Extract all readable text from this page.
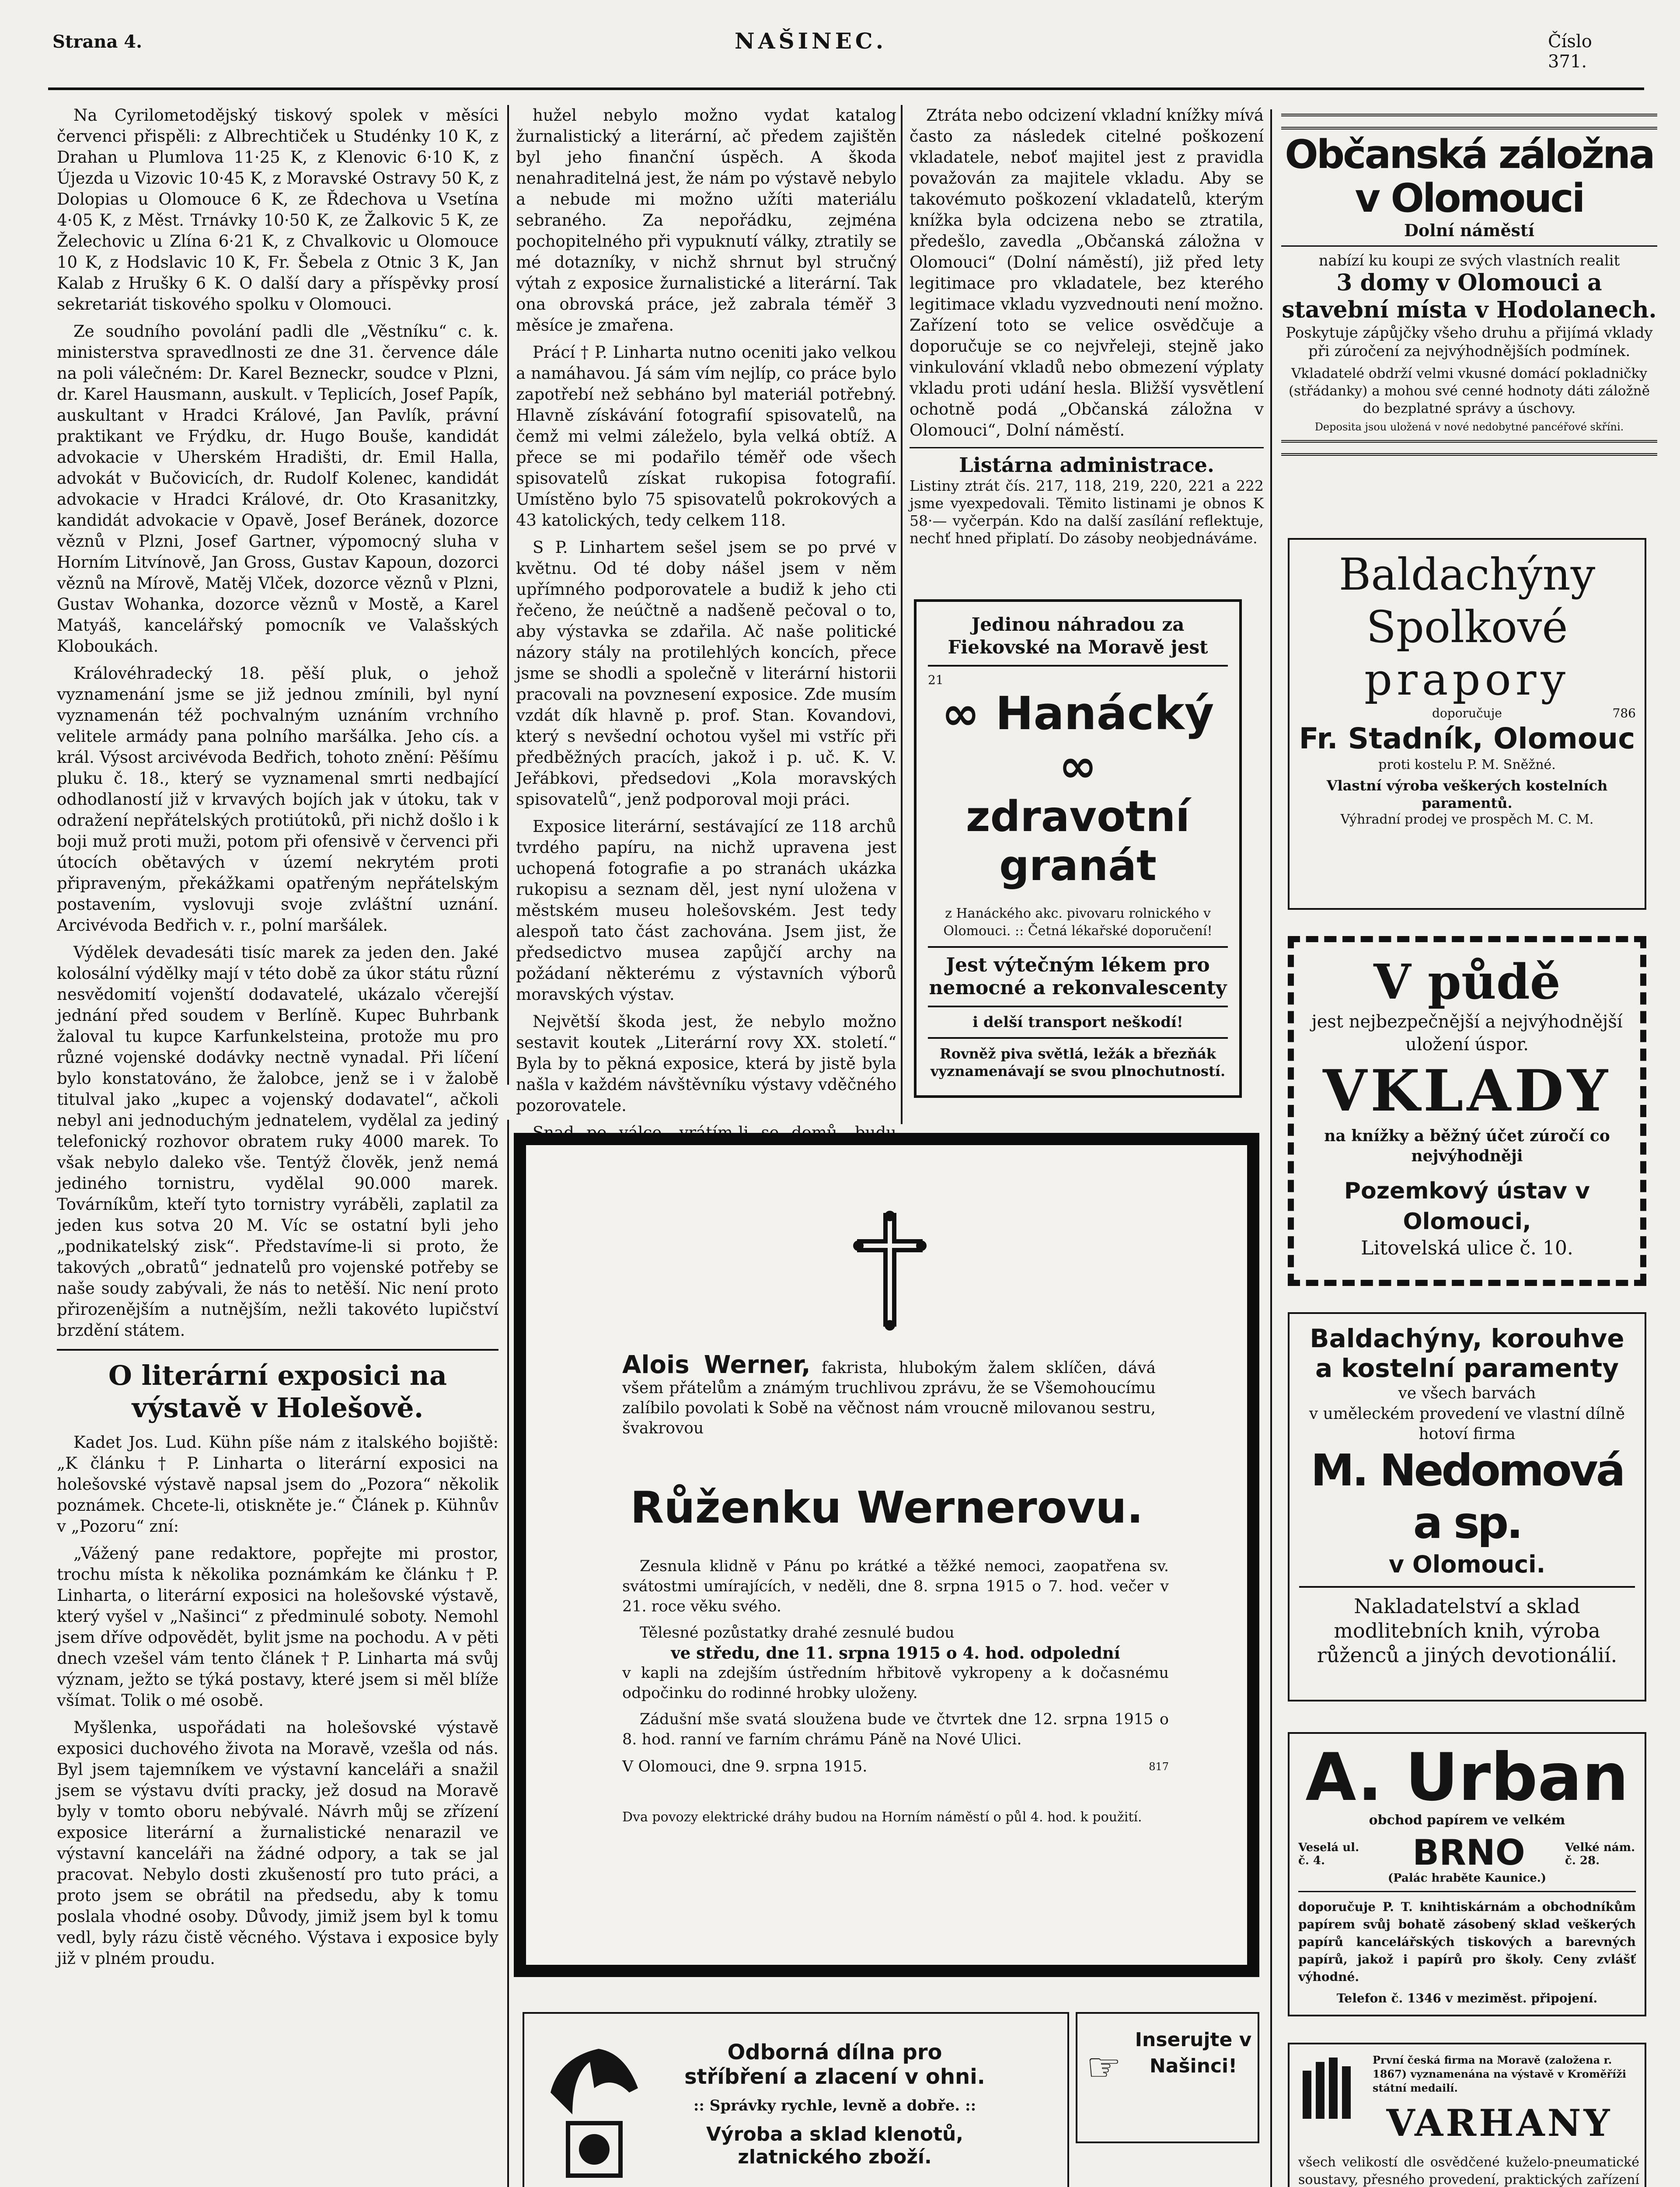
Strana 4.	NAŠINEC.	Číslo 371.

Na Cyrilometodějský tiskový spolek v měsíci červenci přispěli: z Albrechtiček u Studénky 10 K, z Drahan u Plumlova 11·25 K, z Klenovic 6·10 K, z Újezda u Vizovic 10·45 K, z Moravské Ostravy 50 K, z Dolopias u Olomouce 6 K, ze Řdechova u Vsetína 4·05 K, z Měst. Trnávky 10·50 K, ze Žalkovic 5 K, ze Želechovic u Zlína 6·21 K, z Chvalkovic u Olomouce 10 K, z Hodslavic 10 K, Fr. Šebela z Otnic 3 K, Jan Kalab z Hrušky 6 K. O další dary a příspěvky prosí sekretariát tiskového spolku v Olomouci.

Ze soudního povolání padli dle „Věstníku“ c. k. ministerstva spravedlnosti ze dne 31. července dále na poli válečném: Dr. Karel Bezneckr, soudce v Plzni, dr. Karel Hausmann, auskult. v Teplicích, Josef Papík, auskultant v Hradci Králové, Jan Pavlík, právní praktikant ve Frýdku, dr. Hugo Bouše, kandidát advokacie v Uherském Hradišti, dr. Emil Halla, advokát v Bučovicích, dr. Rudolf Kolenec, kandidát advokacie v Hradci Králové, dr. Oto Krasanitzky, kandidát advokacie v Opavě, Josef Beránek, dozorce věznů v Plzni, Josef Gartner, výpomocný sluha v Horním Litvínově, Jan Gross, Gustav Kapoun, dozorci věznů na Mírově, Matěj Vlček, dozorce věznů v Plzni, Gustav Wohanka, dozorce věznů v Mostě, a Karel Matyáš, kancelářský pomocník ve Valašských Kloboukách.

Královéhradecký 18. pěší pluk, o jehož vyznamenání jsme se již jednou zmínili, byl nyní vyznamenán též pochvalným uznáním vrchního velitele armády pana polního maršálka. Jeho cís. a král. Výsost arcivévoda Bedřich, tohoto znění: Pěšímu pluku č. 18., který se vyznamenal smrti nedbající odhodlaností již v krvavých bojích jak v útoku, tak v odražení nepřátelských protiútoků, při nichž došlo i k boji muž proti muži, potom při ofensivě v červenci při útocích obětavých v území nekrytém proti připraveným, překážkami opatřeným nepřátelským postavením, vyslovuji svoje zvláštní uznání. Arcivévoda Bedřich v. r., polní maršálek.

Výdělek devadesáti tisíc marek za jeden den. Jaké kolosální výdělky mají v této době za úkor státu různí nesvědomití vojenští dodavatelé, ukázalo včerejší jednání před soudem v Berlíně. Kupec Buhrbank žaloval tu kupce Karfunkelsteina, protože mu pro různé vojenské dodávky nectně vynadal. Při líčení bylo konstatováno, že žalobce, jenž se i v žalobě titulval jako „kupec a vojenský dodavatel“, ačkoli nebyl ani jednoduchým jednatelem, vydělal za jediný telefonický rozhovor obratem ruky 4000 marek. To však nebylo daleko vše. Tentýž člověk, jenž nemá jediného tornistru, vydělal 90.000 marek. Továrníkům, kteří tyto tornistry vyráběli, zaplatil za jeden kus sotva 20 M. Víc se ostatní byli jeho „podnikatelský zisk“. Představíme-li si proto, že takových „obratů“ jednatelů pro vojenské potřeby se naše soudy zabývali, že nás to netěší. Nic není proto přirozenějším a nutnějším, nežli takovéto lupičství brzdění státem.

O literární exposici na výstavě v Holešově.

Kadet Jos. Lud. Kühn píše nám z italského bojiště: „K článku † P. Linharta o literární exposici na holešovské výstavě napsal jsem do „Pozora“ několik poznámek. Chcete-li, otiskněte je.“ Článek p. Kühnův v „Pozoru“ zní:

„Vážený pane redaktore, popřejte mi prostor, trochu místa k několika poznámkám ke článku † P. Linharta, o literární exposici na holešovské výstavě, který vyšel v „Našinci“ z předminulé soboty. Nemohl jsem dříve odpovědět, bylit jsme na pochodu. A v pěti dnech vzešel vám tento článek † P. Linharta má svůj význam, ježto se týká postavy, které jsem si měl blíže všímat. Tolik o mé osobě.

Myšlenka, uspořádati na holešovské výstavě exposici duchového života na Moravě, vzešla od nás. Byl jsem tajemníkem ve výstavní kanceláři a snažil jsem se výstavu dvíti pracky, jež dosud na Moravě byly v tomto oboru nebývalé. Návrh můj se zřízení exposice literární a žurnalistické nenarazil ve výstavní kanceláři na žádné odpory, a tak se jal pracovat. Nebylo dosti zkušeností pro tuto práci, a proto jsem se obrátil na předsedu, aby k tomu poslala vhodné osoby. Důvody, jimiž jsem byl k tomu vedl, byly rázu čistě věcného. Výstava i exposice byly již v plném proudu.

hužel nebylo možno vydat katalog žurnalistický a literární, ač předem zajištěn byl jeho finanční úspěch. A škoda nenahraditelná jest, že nám po výstavě nebylo a nebude mi možno užíti materiálu sebraného. Za nepořádku, zejména pochopitelného při vypuknutí války, ztratily se mé dotazníky, v nichž shrnut byl stručný výtah z exposice žurnalistické a literární. Tak ona obrovská práce, jež zabrala téměř 3 měsíce je zmařena.

Prácí † P. Linharta nutno oceniti jako velkou a namáhavou. Já sám vím nejlíp, co práce bylo zapotřebí než sebháno byl materiál potřebný. Hlavně získávání fotografií spisovatelů, na čemž mi velmi záleželo, byla velká obtíž. A přece se mi podařilo téměř ode všech spisovatelů získat rukopisa fotografií. Umístěno bylo 75 spisovatelů pokrokových a 43 katolických, tedy celkem 118.

S P. Linhartem sešel jsem se po prvé v květnu. Od té doby nášel jsem v něm upřímného podporovatele a budiž k jeho cti řečeno, že neúčtně a nadšeně pečoval o to, aby výstavka se zdařila. Ač naše politické názory stály na protilehlých koncích, přece jsme se shodli a společně v literární historii pracovali na povznesení exposice. Zde musím vzdát dík hlavně p. prof. Stan. Kovandovi, který s nevšední ochotou vyšel mi vstříc při předběžných pracích, jakož i p. uč. K. V. Jeřábkovi, předsedovi „Kola moravských spisovatelů“, jenž podporoval moji práci.

Exposice literární, sestávající ze 118 archů tvrdého papíru, na nichž upravena jest uchopená fotografie a po stranách ukázka rukopisu a seznam děl, jest nyní uložena v městském museu holešovském. Jest tedy alespoň tato část zachována. Jsem jist, že předsedictvo musea zapůjčí archy na požádaní některému z výstavních výborů moravských výstav.

Největší škoda jest, že nebylo možno sestavit koutek „Literární rovy XX. století.“ Byla by to pěkná exposice, která by jistě byla našla v každém návštěvníku výstavy vděčného pozorovatele.

Ztráta nebo odcizení vkladní knížky mívá často za následek citelné poškození vkladatele, neboť majitel jest z pravidla považován za majitele vkladu. Aby se takovémuto poškození vkladatelů, kterým knížka byla odcizena nebo se ztratila, předešlo, zavedla „Občanská záložna v Olomouci“ (Dolní náměstí), již před lety legitimace pro vkladatele, bez kterého legitimace vkladu vyzvednouti není možno. Zařízení toto se velice osvědčuje a doporučuje se co nejvřeleji, stejně jako vinkulování vkladů nebo obmezení výplaty vkladu proti udání hesla. Bližší vysvětlení ochotně podá „Občanská záložna v Olomouci“, Dolní náměstí.

Listárna administrace.
Listiny ztrát čís. 217, 118, 219, 220, 221 a 222 jsme vyexpedovali. Těmito listinami je obnos K 58·— vyčerpán. Kdo na další zasílání reflektuje, nechť hned připlatí. Do zásoby neobjednáváme.
Jedinou náhradou za Fiekovské na Moravě jest
21
∞ Hanácký ∞
zdravotní granát
z Hanáckého akc. pivovaru rolnického v Olomouci. :: Četná lékařské doporučení!
Jest výtečným lékem pro nemocné a rekonvalescenty
i delší transport neškodí!
Rovněž piva světlá, ležák a březňák vyznamenávají se svou plnochutností.
Alois Werner, fakrista, hlubokým žalem sklíčen, dává všem přátelům a známým truchlivou zprávu, že se Všemohoucímu zalíbilo povolati k Sobě na věčnost nám vroucně milovanou sestru, švakrovou
Růženku Wernerovu.

Zesnula klidně v Pánu po krátké a těžké nemoci, zaopatřena sv. svátostmi umírajících, v neděli, dne 8. srpna 1915 o 7. hod. večer v 21. roce věku svého.

Tělesné pozůstatky drahé zesnulé budou
ve středu, dne 11. srpna 1915 o 4. hod. odpolední

v kapli na zdejším ústředním hřbitově vykropeny a k dočasnému odpočinku do rodinné hrobky uloženy.

Zádušní mše svatá sloužena bude ve čtvrtek dne 12. srpna 1915 o 8. hod. ranní ve farním chrámu Páně na Nové Ulici.

V Olomouci, dne 9. srpna 1915.	817
Dva povozy elektrické dráhy budou na Horním náměstí o půl 4. hod. k použití.
Odborná dílna pro stříbření a zlacení v ohni.
:: Správky rychle, levně a dobře. ::
Výroba a sklad klenotů, zlatnického zboží.
Inserujte v Našinci!
☞
Občanská záložna v Olomouci
Dolní náměstí
nabízí ku koupi ze svých vlastních realit
3 domy v Olomouci a stavební místa v Hodolanech.
Poskytuje zápůjčky všeho druhu a přijímá vklady při zúročení za nejvýhodnějších podmínek.
Vkladatelé obdrží velmi vkusné domácí pokladničky (střádanky) a mohou své cenné hodnoty dáti záložně do bezplatné správy a úschovy.
Depositа jsou uložená v nové nedobytné pancéřové skříni.
Baldachýny
Spolkové
prapory
doporučuje	786
Fr. Stadník, Olomouc
proti kostelu P. M. Sněžné.
Vlastní výroba veškerých kostelních paramentů.
Výhradní prodej ve prospěch M. C. M.
V půdě
jest nejbezpečnější a nejvýhodnější uložení úspor.
VKLADY
na knížky a běžný účet zúročí co nejvýhodněji
Pozemkový ústav v Olomouci,
Litovelská ulice č. 10.
Baldachýny, korouhve a kostelní paramenty
ve všech barvách
v uměleckém provedení ve vlastní dílně hotoví firma
M. Nedomová a sp.
v Olomouci.
Nakladatelství a sklad modlitebních knih, výroba růženců a jiných devotionálií.
A. Urban
obchod papírem ve velkém
Veselá ul. č. 4.	BRNO	Velké nám. č. 28.
(Palác hraběte Kaunice.)
doporučuje P. T. knihtiskárnám a obchodníkům papírem svůj bohatě zásobený sklad veškerých papírů kancelářských tiskových a barevných papírů, jakož i papírů pro školy. Ceny zvlášť výhodné.
Telefon č. 1346 v meziměst. připojení.
První česká firma na Moravě (založena r. 1867) vyznamenána na výstavě v Kroměříži státní medailí.
VARHANY
všech velikostí dle osvědčené kuželo-pneumatické soustavy, přesného provedení, praktických zařízení
